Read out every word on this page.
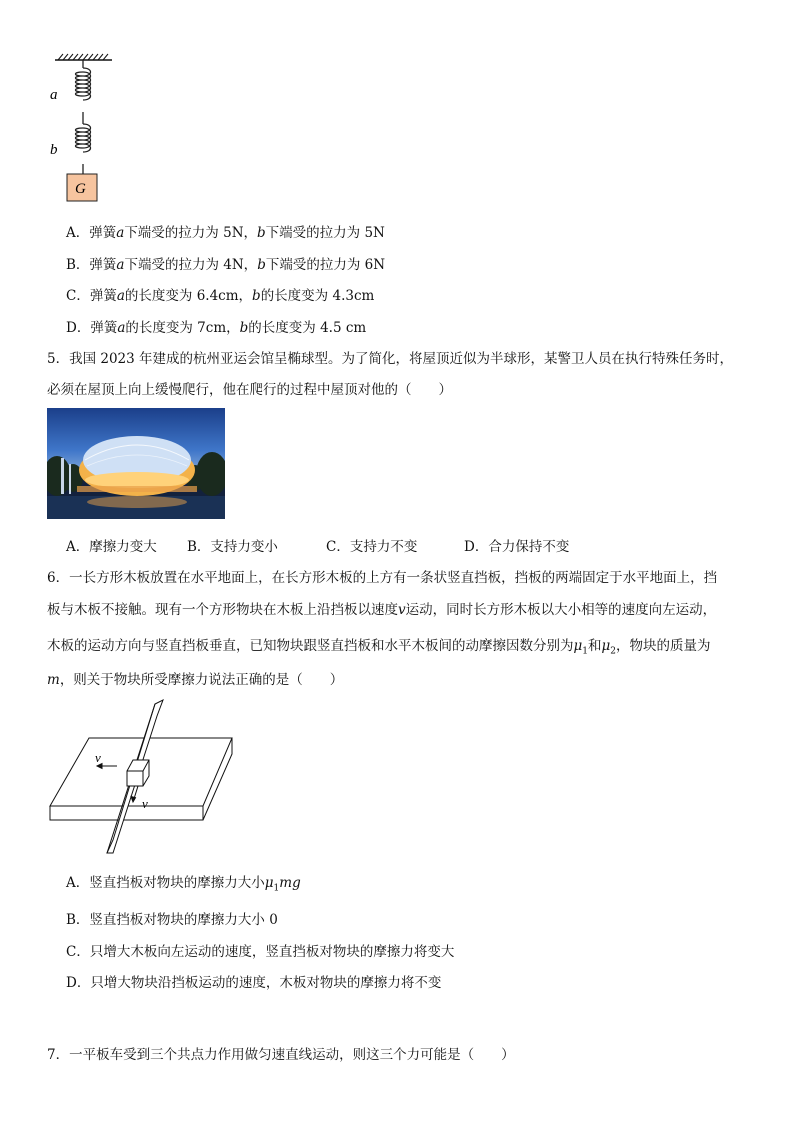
a
b
G
A．弹簧a下端受的拉力为 5N，b下端受的拉力为 5N
B．弹簧a下端受的拉力为 4N，b下端受的拉力为 6N
C．弹簧a的长度变为 6.4cm，b的长度变为 4.3cm
D．弹簧a的长度变为 7cm，b的长度变为 4.5 cm
5．我国 2023 年建成的杭州亚运会馆呈椭球型。为了简化，将屋顶近似为半球形，某警卫人员在执行特殊任务时，
必须在屋顶上向上缓慢爬行，他在爬行的过程中屋顶对他的（　　）
A．摩擦力变大 B．支持力变小	C．支持力不变	D．合力保持不变
6．一长方形木板放置在水平地面上，在长方形木板的上方有一条状竖直挡板，挡板的两端固定于水平地面上，挡
板与木板不接触。现有一个方形物块在木板上沿挡板以速度v运动，同时长方形木板以大小相等的速度向左运动，
木板的运动方向与竖直挡板垂直，已知物块跟竖直挡板和水平木板间的动摩擦因数分别为$\mu_1$和$\mu_2$，物块的质量为
m，则关于物块所受摩擦力说法正确的是（　　）
v
v
A．竖直挡板对物块的摩擦力大小$\mu_1mg$
B．竖直挡板对物块的摩擦力大小 0
C．只增大木板向左运动的速度，竖直挡板对物块的摩擦力将变大
D．只增大物块沿挡板运动的速度，木板对物块的摩擦力将不变
7．一平板车受到三个共点力作用做匀速直线运动，则这三个力可能是（　　）
